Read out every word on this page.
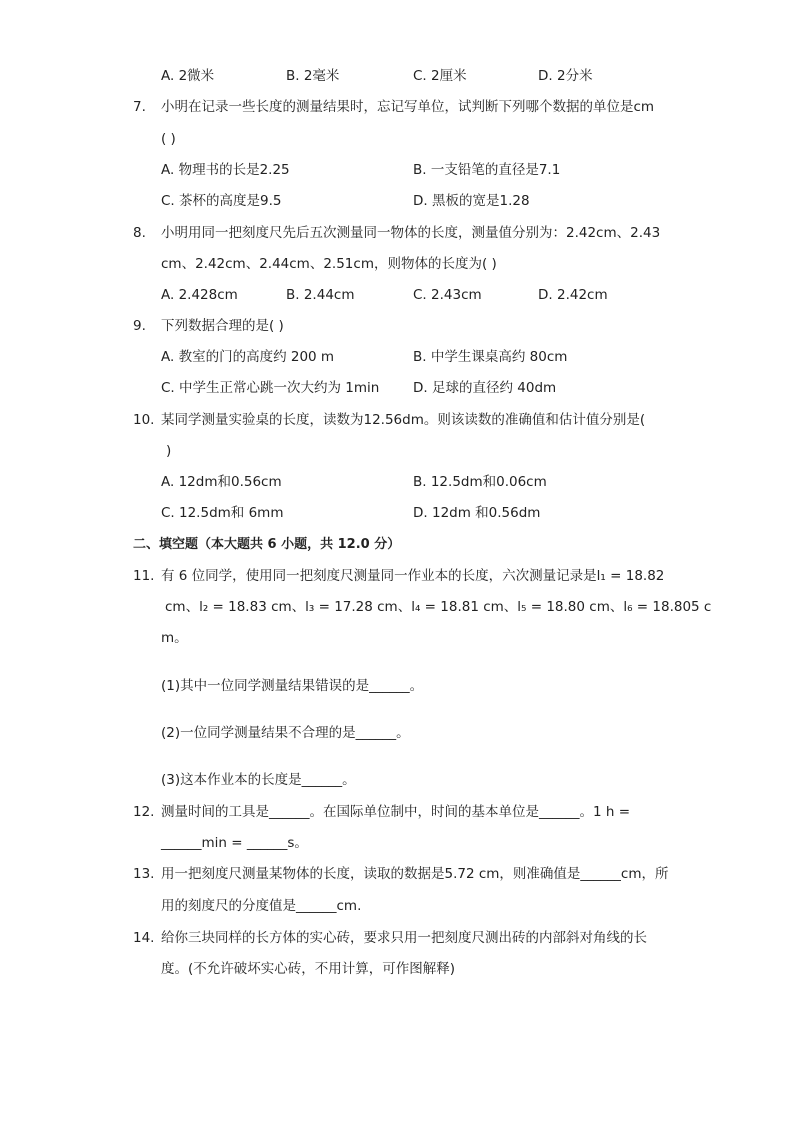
A. 2微米	B. 2毫米	C. 2厘米	D. 2分米
7. 小明在记录一些长度的测量结果时，忘记写单位，试判断下列哪个数据的单位是cm
( )
A. 物理书的长是2.25	B. 一支铅笔的直径是7.1
C. 茶杯的高度是9.5	D. 黑板的宽是1.28
8. 小明用同一把刻度尺先后五次测量同一物体的长度，测量值分别为：2.42cm、2.43
cm、2.42cm、2.44cm、2.51cm，则物体的长度为( )
A. 2.428cm	B. 2.44cm	C. 2.43cm	D. 2.42cm
9. 下列数据合理的是( )
A. 教室的门的高度约 200 m	B. 中学生课桌高约 80cm
C. 中学生正常心跳一次大约为 1min D. 足球的直径约 40dm
10. 某同学测量实验桌的长度，读数为12.56dm。则该读数的准确值和估计值分别是(
)
A. 12dm和0.56cm	B. 12.5dm和0.06cm
C. 12.5dm和 6mm	D. 12dm 和0.56dm
二、填空题（本大题共 6 小题，共 12.0 分）
11. 有 6 位同学，使用同一把刻度尺测量同一作业本的长度，六次测量记录是l₁ = 18.82
cm、l₂ = 18.83 cm、l₃ = 17.28 cm、l₄ = 18.81 cm、l₅ = 18.80 cm、l₆ = 18.805 c
m。
(1)其中一位同学测量结果错误的是______。
(2)一位同学测量结果不合理的是______。
(3)这本作业本的长度是______。
12. 测量时间的工具是______。在国际单位制中，时间的基本单位是______。1 h =
______min = ______s。
13. 用一把刻度尺测量某物体的长度，读取的数据是5.72 cm，则准确值是______cm，所
用的刻度尺的分度值是______cm.
14. 给你三块同样的长方体的实心砖，要求只用一把刻度尺测出砖的内部斜对角线的长
度。(不允许破坏实心砖，不用计算，可作图解释)
